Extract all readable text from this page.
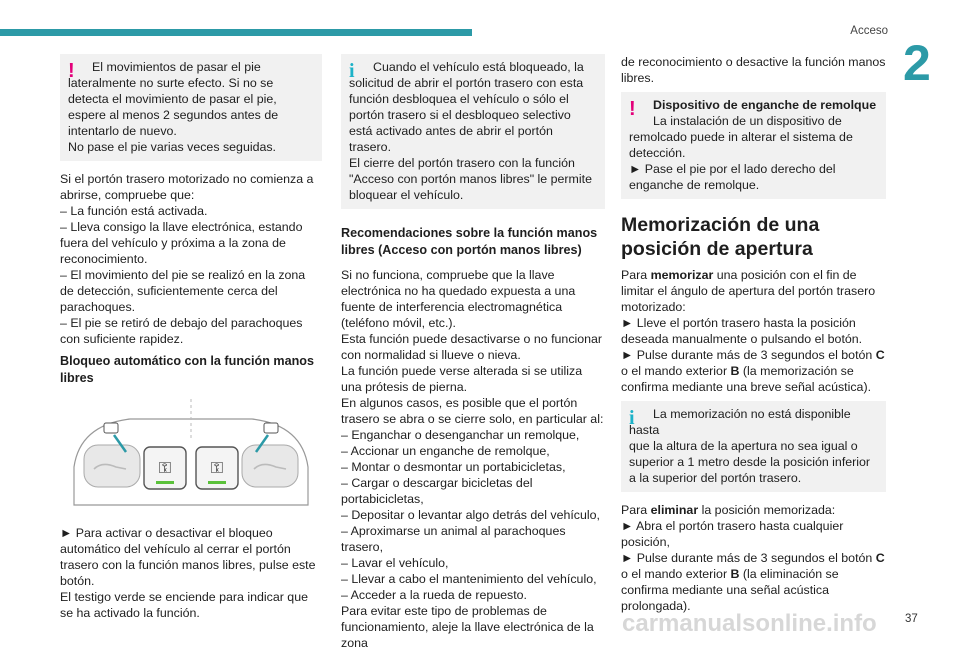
Acceso
2
!	El movimientos de pasar el pie

lateralmente no surte efecto. Si no se detecta el movimiento de pasar el pie, espere al menos 2 segundos antes de intentarlo de nuevo.

No pase el pie varias veces seguidas.

Si el portón trasero motorizado no comienza a abrirse, compruebe que:

– La función está activada.

– Lleva consigo la llave electrónica, estando fuera del vehículo y próxima a la zona de reconocimiento.

– El movimiento del pie se realizó en la zona de detección, suficientemente cerca del parachoques.

– El pie se retiró de debajo del parachoques con suficiente rapidez.

Bloqueo automático con la función manos libres
⚿ ⚿

► Para activar o desactivar el bloqueo automático del vehículo al cerrar el portón trasero con la función manos libres, pulse este botón.

El testigo verde se enciende para indicar que se ha activado la función.

i	Cuando el vehículo está bloqueado, la

solicitud de abrir el portón trasero con esta función desbloquea el vehículo o sólo el portón trasero si el desbloqueo selectivo está activado antes de abrir el portón trasero.

El cierre del portón trasero con la función "Acceso con portón manos libres" le permite bloquear el vehículo.

Recomendaciones sobre la función manos libres (Acceso con portón manos libres)

Si no funciona, compruebe que la llave electrónica no ha quedado expuesta a una fuente de interferencia electromagnética (teléfono móvil, etc.).

Esta función puede desactivarse o no funcionar con normalidad si llueve o nieva.

La función puede verse alterada si se utiliza una prótesis de pierna.

En algunos casos, es posible que el portón trasero se abra o se cierre solo, en particular al:

– Enganchar o desenganchar un remolque,

– Accionar un enganche de remolque,

– Montar o desmontar un portabicicletas,

– Cargar o descargar bicicletas del portabicicletas,

– Depositar o levantar algo detrás del vehículo,

– Aproximarse un animal al parachoques trasero,

– Lavar el vehículo,

– Llevar a cabo el mantenimiento del vehículo,

– Acceder a la rueda de repuesto.

Para evitar este tipo de problemas de funcionamiento, aleje la llave electrónica de la zona

de reconocimiento o desactive la función manos libres.

!	Dispositivo de enganche de remolque

La instalación de un dispositivo de

remolcado puede in alterar el sistema de detección.

► Pase el pie por el lado derecho del enganche de remolque.

Memorización de una posición de apertura

Para memorizar una posición con el fin de limitar el ángulo de apertura del portón trasero motorizado:

► Lleve el portón trasero hasta la posición deseada manualmente o pulsando el botón.

► Pulse durante más de 3 segundos el botón C o el mando exterior B (la memorización se confirma mediante una breve señal acústica).

i	La memorización no está disponible hasta

que la altura de la apertura no sea igual o superior a 1 metro desde la posición inferior a la superior del portón trasero.

Para eliminar la posición memorizada:

► Abra el portón trasero hasta cualquier posición,

► Pulse durante más de 3 segundos el botón C o el mando exterior B (la eliminación se confirma mediante una señal acústica prolongada).

37
carmanualsonline.info
